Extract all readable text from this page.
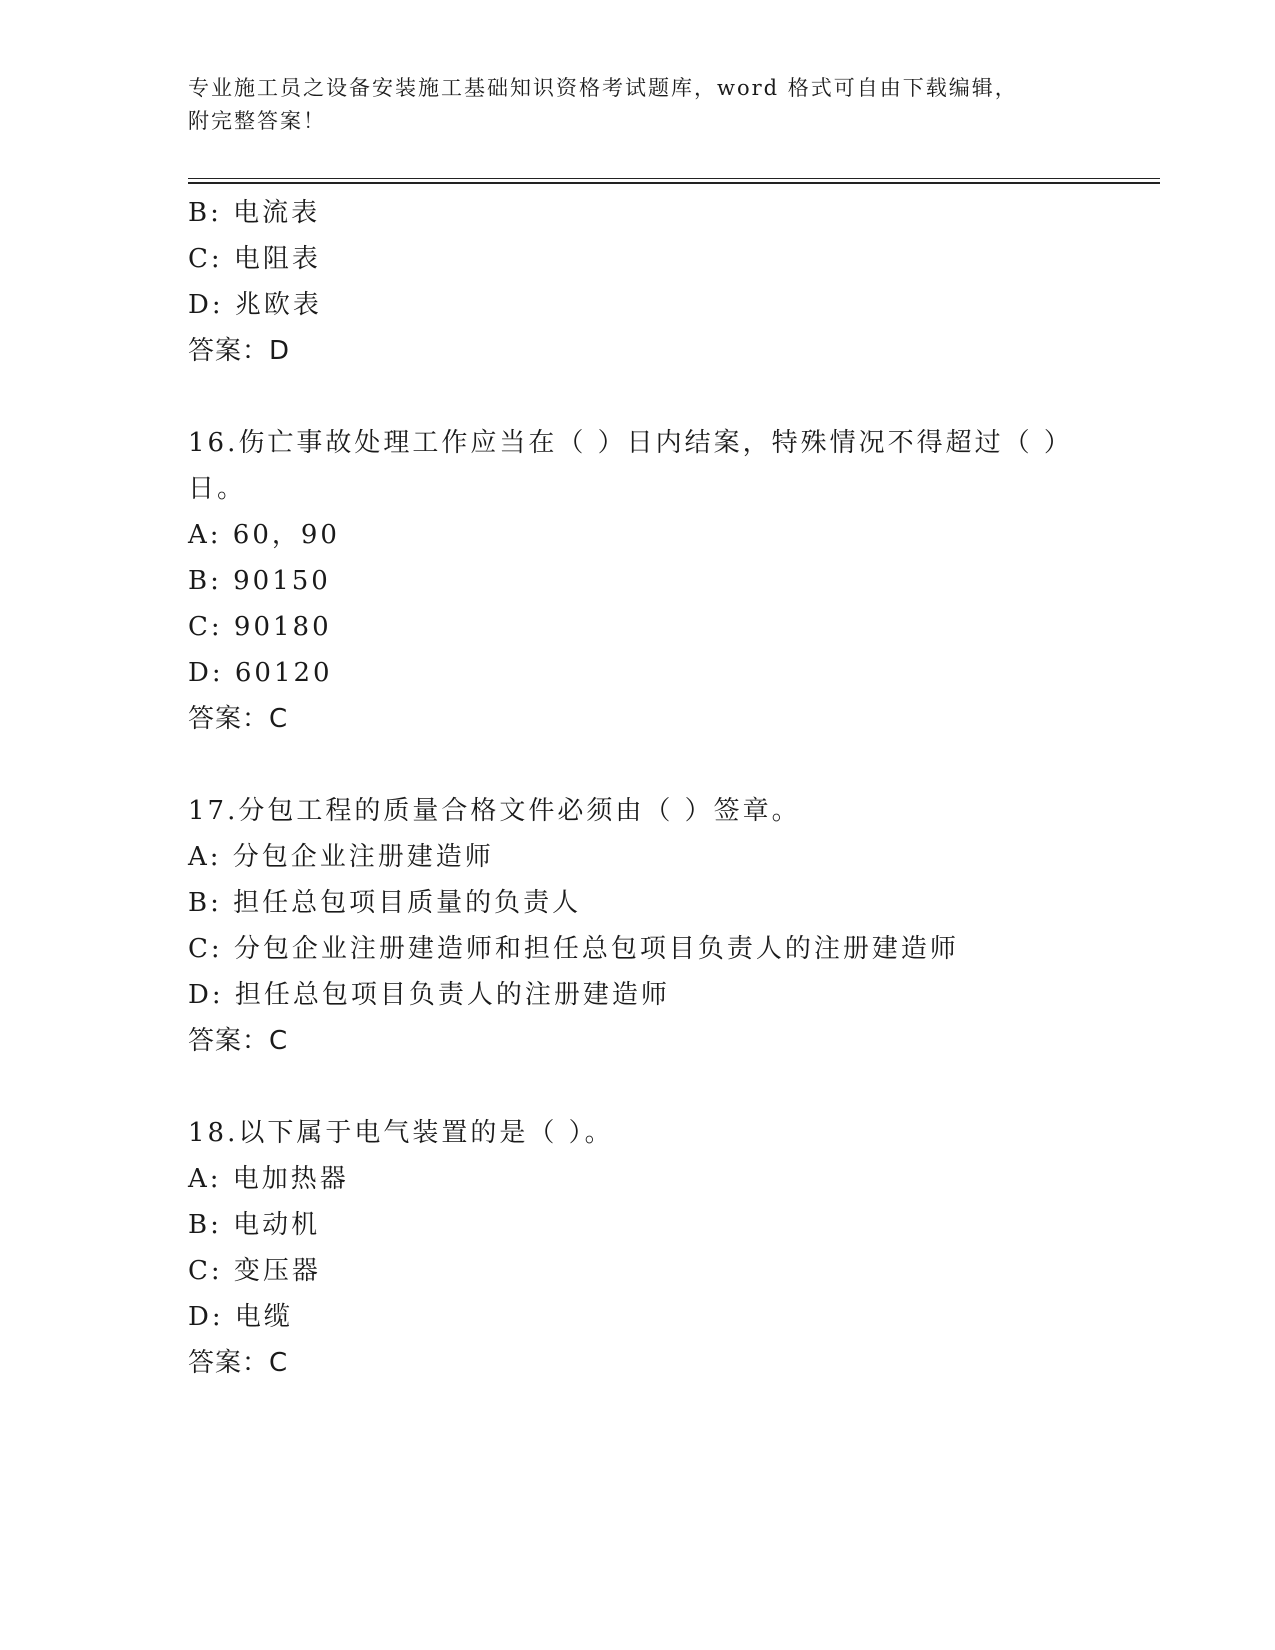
专业施工员之设备安装施工基础知识资格考试题库，word 格式可自由下载编辑，
附完整答案！
B: 电流表
C: 电阻表
D: 兆欧表
答案：D
16.伤亡事故处理工作应当在（ ）日内结案，特殊情况不得超过（ ）日。
A: 60，90
B: 90150
C: 90180
D: 60120
答案：C
17.分包工程的质量合格文件必须由（ ）签章。
A: 分包企业注册建造师
B: 担任总包项目质量的负责人
C: 分包企业注册建造师和担任总包项目负责人的注册建造师
D: 担任总包项目负责人的注册建造师
答案：C
18.以下属于电气装置的是（ ）。
A: 电加热器
B: 电动机
C: 变压器
D: 电缆
答案：C
